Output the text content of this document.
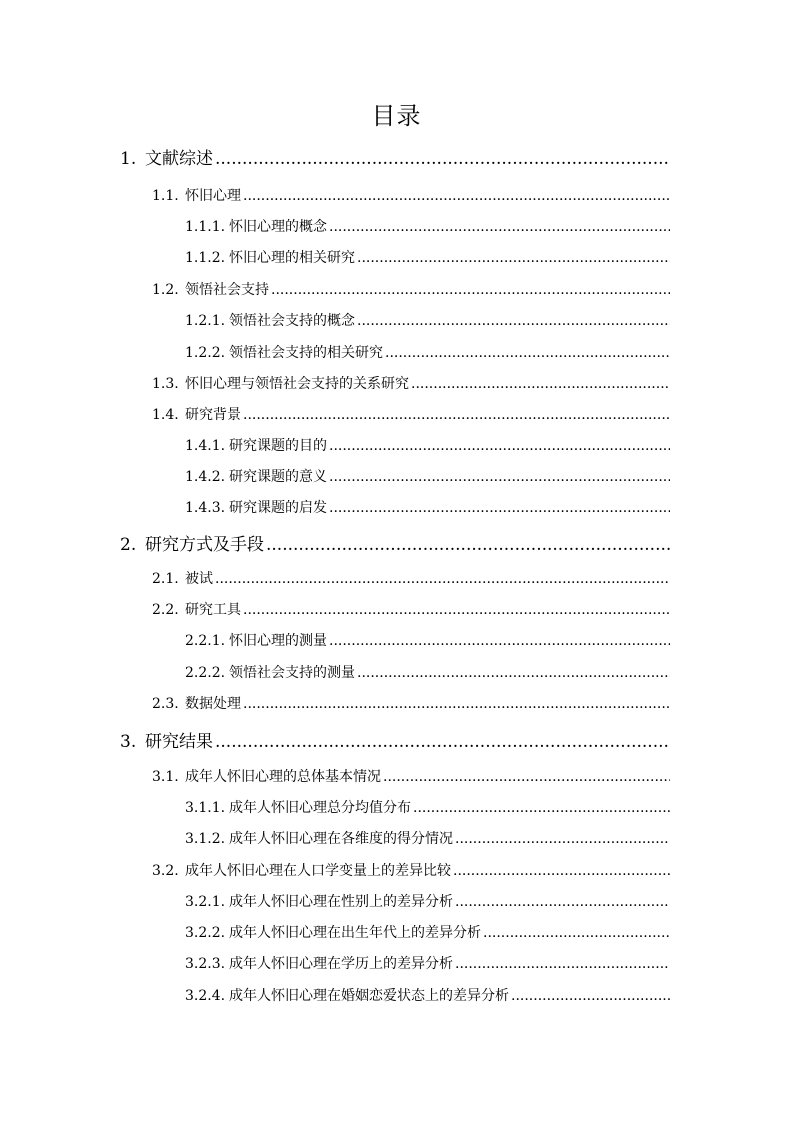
目录
1. 文献综述
.....
1.1. 怀旧心理
.....
1.1.1. 怀旧心理的概念
.....
1.1.2. 怀旧心理的相关研究
.....
1.2. 领悟社会支持
.....
1.2.1. 领悟社会支持的概念
.....
1.2.2. 领悟社会支持的相关研究
.....
1.3. 怀旧心理与领悟社会支持的关系研究
.....
1.4. 研究背景
.....
1.4.1. 研究课题的目的
.....
1.4.2. 研究课题的意义
.....
1.4.3. 研究课题的启发
.....
2. 研究方式及手段
.....
2.1. 被试
.....
2.2. 研究工具
.....
2.2.1. 怀旧心理的测量
.....
2.2.2. 领悟社会支持的测量
.....
2.3. 数据处理
.....
3. 研究结果
.....
3.1. 成年人怀旧心理的总体基本情况
.....
3.1.1. 成年人怀旧心理总分均值分布
.....
3.1.2. 成年人怀旧心理在各维度的得分情况
.....
3.2. 成年人怀旧心理在人口学变量上的差异比较
.....
3.2.1. 成年人怀旧心理在性别上的差异分析
.....
3.2.2. 成年人怀旧心理在出生年代上的差异分析
.....
3.2.3. 成年人怀旧心理在学历上的差异分析
.....
3.2.4. 成年人怀旧心理在婚姻恋爱状态上的差异分析
.....
